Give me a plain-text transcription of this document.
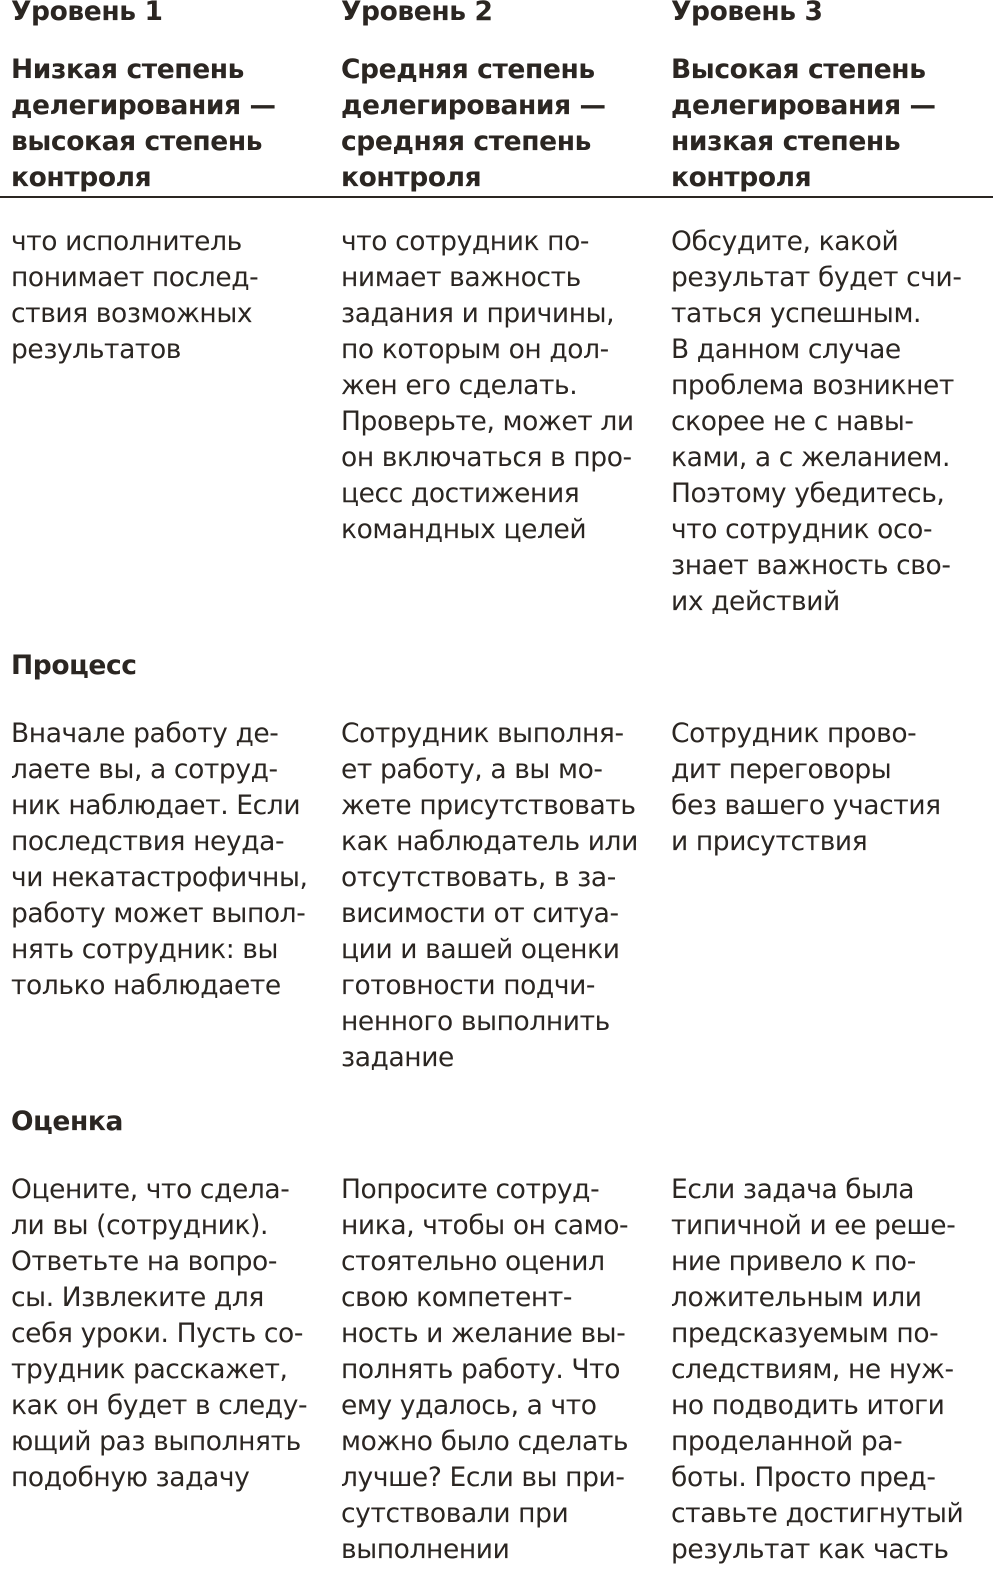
Уровень 1	Уровень 2	Уровень 3
Низкая степень
делегирования —
высокая степень
контроля
Средняя степень
делегирования —
средняя степень
контроля
Высокая степень
делегирования —
низкая степень
контроля
что исполнитель
понимает послед-
ствия возможных
результатов
что сотрудник по-
нимает важность
задания и причины,
по которым он дол-
жен его сделать.
Проверьте, может ли
он включаться в про-
цесс достижения
командных целей
Обсудите, какой
результат будет счи-
таться успешным.
В данном случае
проблема возникнет
скорее не с навы-
ками, а с желанием.
Поэтому убедитесь,
что сотрудник осо-
знает важность сво-
их действий
Процесс
Вначале работу де-
лаете вы, а сотруд-
ник наблюдает. Если
последствия неуда-
чи некатастрофичны,
работу может выпол-
нять сотрудник: вы
только наблюдаете
Сотрудник выполня-
ет работу, а вы мо-
жете присутствовать
как наблюдатель или
отсутствовать, в за-
висимости от ситуа-
ции и вашей оценки
готовности подчи-
ненного выполнить
задание
Сотрудник прово-
дит переговоры
без вашего участия
и присутствия
Оценка
Оцените, что сдела-
ли вы (сотрудник).
Ответьте на вопро-
сы. Извлеките для
себя уроки. Пусть со-
трудник расскажет,
как он будет в следу-
ющий раз выполнять
подобную задачу
Попросите сотруд-
ника, чтобы он само-
стоятельно оценил
свою компетент-
ность и желание вы-
полнять работу. Что
ему удалось, а что
можно было сделать
лучше? Если вы при-
сутствовали при
выполнении
Если задача была
типичной и ее реше-
ние привело к по-
ложительным или
предсказуемым по-
следствиям, не нуж-
но подводить итоги
проделанной ра-
боты. Просто пред-
ставьте достигнутый
результат как часть
